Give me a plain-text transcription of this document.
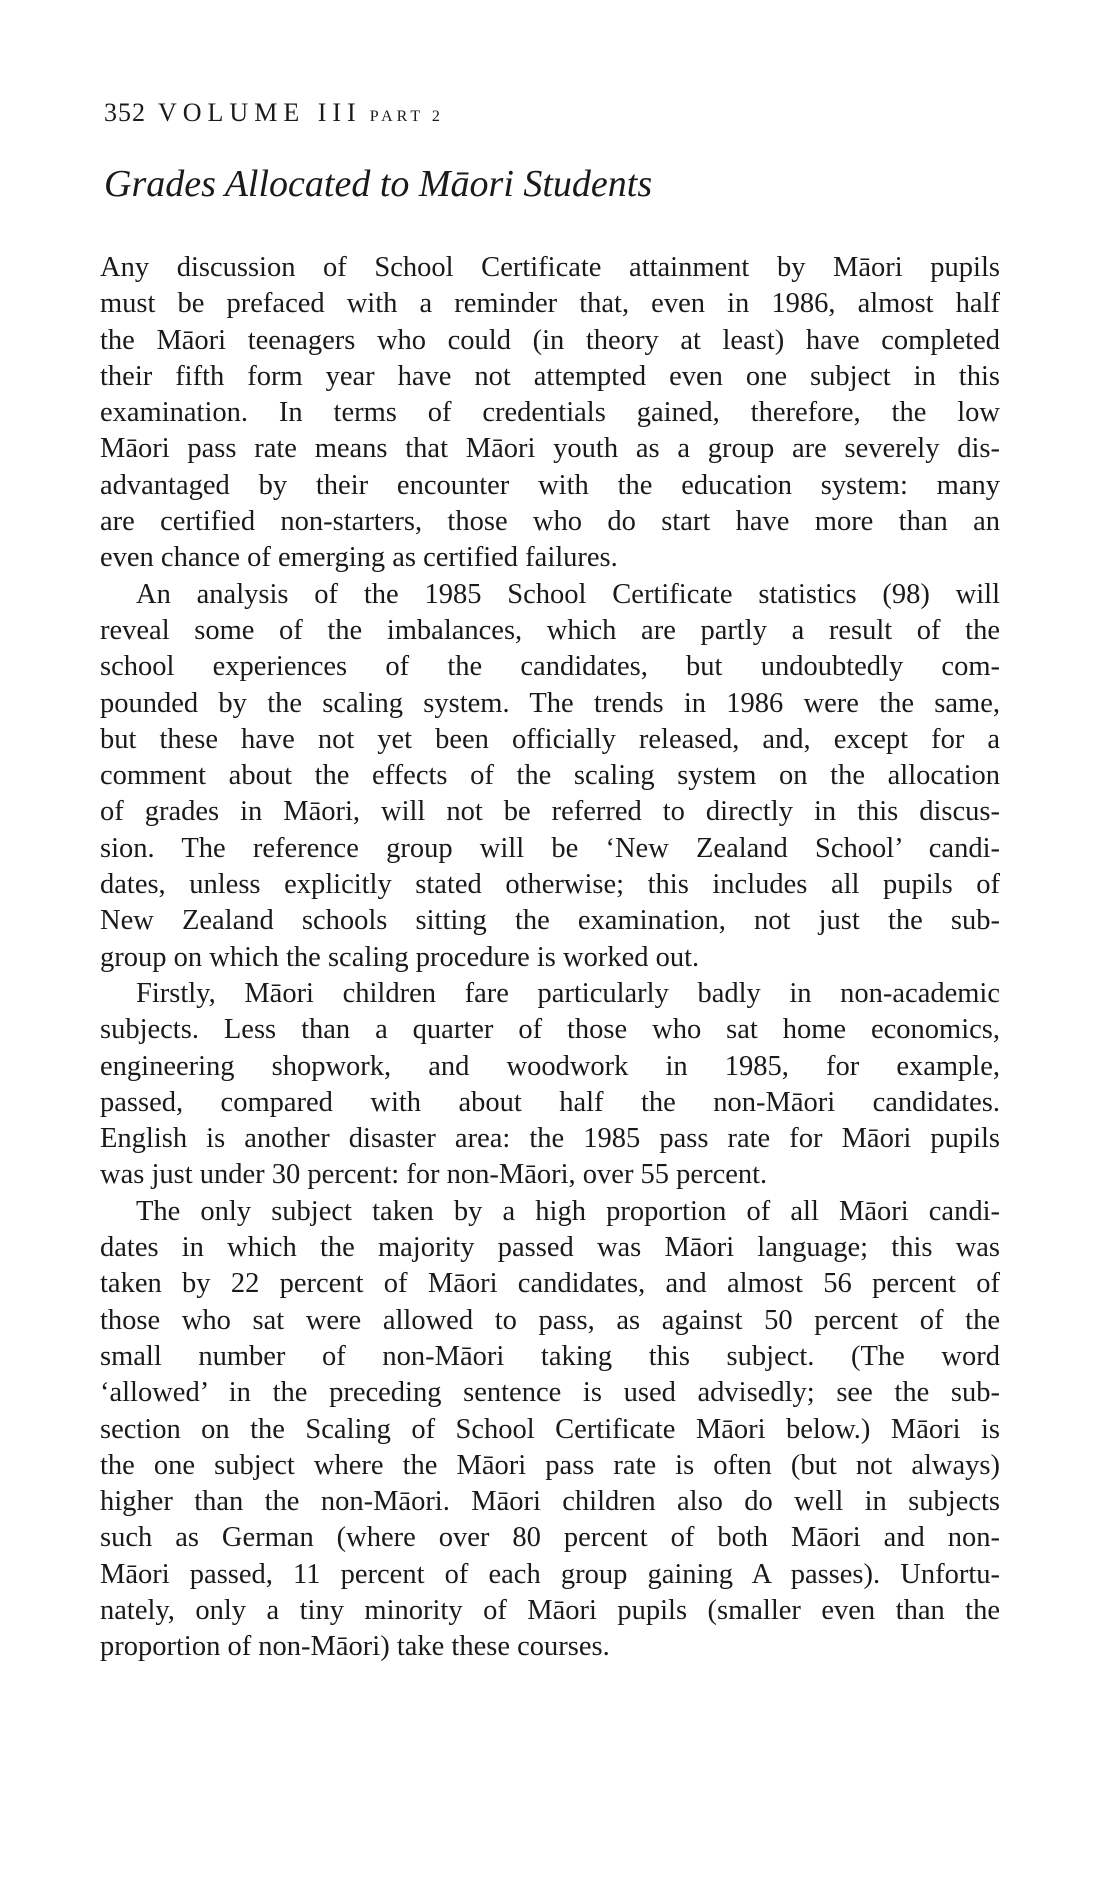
352 VOLUME III PART 2
Grades Allocated to Māori Students
Any discussion of School Certificate attainment by Māori pupils
must be prefaced with a reminder that, even in 1986, almost half
the Māori teenagers who could (in theory at least) have completed
their fifth form year have not attempted even one subject in this
examination. In terms of credentials gained, therefore, the low
Māori pass rate means that Māori youth as a group are severely dis-
advantaged by their encounter with the education system: many
are certified non-starters, those who do start have more than an
even chance of emerging as certified failures.
An analysis of the 1985 School Certificate statistics (98) will
reveal some of the imbalances, which are partly a result of the
school experiences of the candidates, but undoubtedly com-
pounded by the scaling system. The trends in 1986 were the same,
but these have not yet been officially released, and, except for a
comment about the effects of the scaling system on the allocation
of grades in Māori, will not be referred to directly in this discus-
sion. The reference group will be ‘New Zealand School’ candi-
dates, unless explicitly stated otherwise; this includes all pupils of
New Zealand schools sitting the examination, not just the sub-
group on which the scaling procedure is worked out.
Firstly, Māori children fare particularly badly in non-academic
subjects. Less than a quarter of those who sat home economics,
engineering shopwork, and woodwork in 1985, for example,
passed, compared with about half the non-Māori candidates.
English is another disaster area: the 1985 pass rate for Māori pupils
was just under 30 percent: for non-Māori, over 55 percent.
The only subject taken by a high proportion of all Māori candi-
dates in which the majority passed was Māori language; this was
taken by 22 percent of Māori candidates, and almost 56 percent of
those who sat were allowed to pass, as against 50 percent of the
small number of non-Māori taking this subject. (The word
‘allowed’ in the preceding sentence is used advisedly; see the sub-
section on the Scaling of School Certificate Māori below.) Māori is
the one subject where the Māori pass rate is often (but not always)
higher than the non-Māori. Māori children also do well in subjects
such as German (where over 80 percent of both Māori and non-
Māori passed, 11 percent of each group gaining A passes). Unfortu-
nately, only a tiny minority of Māori pupils (smaller even than the
proportion of non-Māori) take these courses.
